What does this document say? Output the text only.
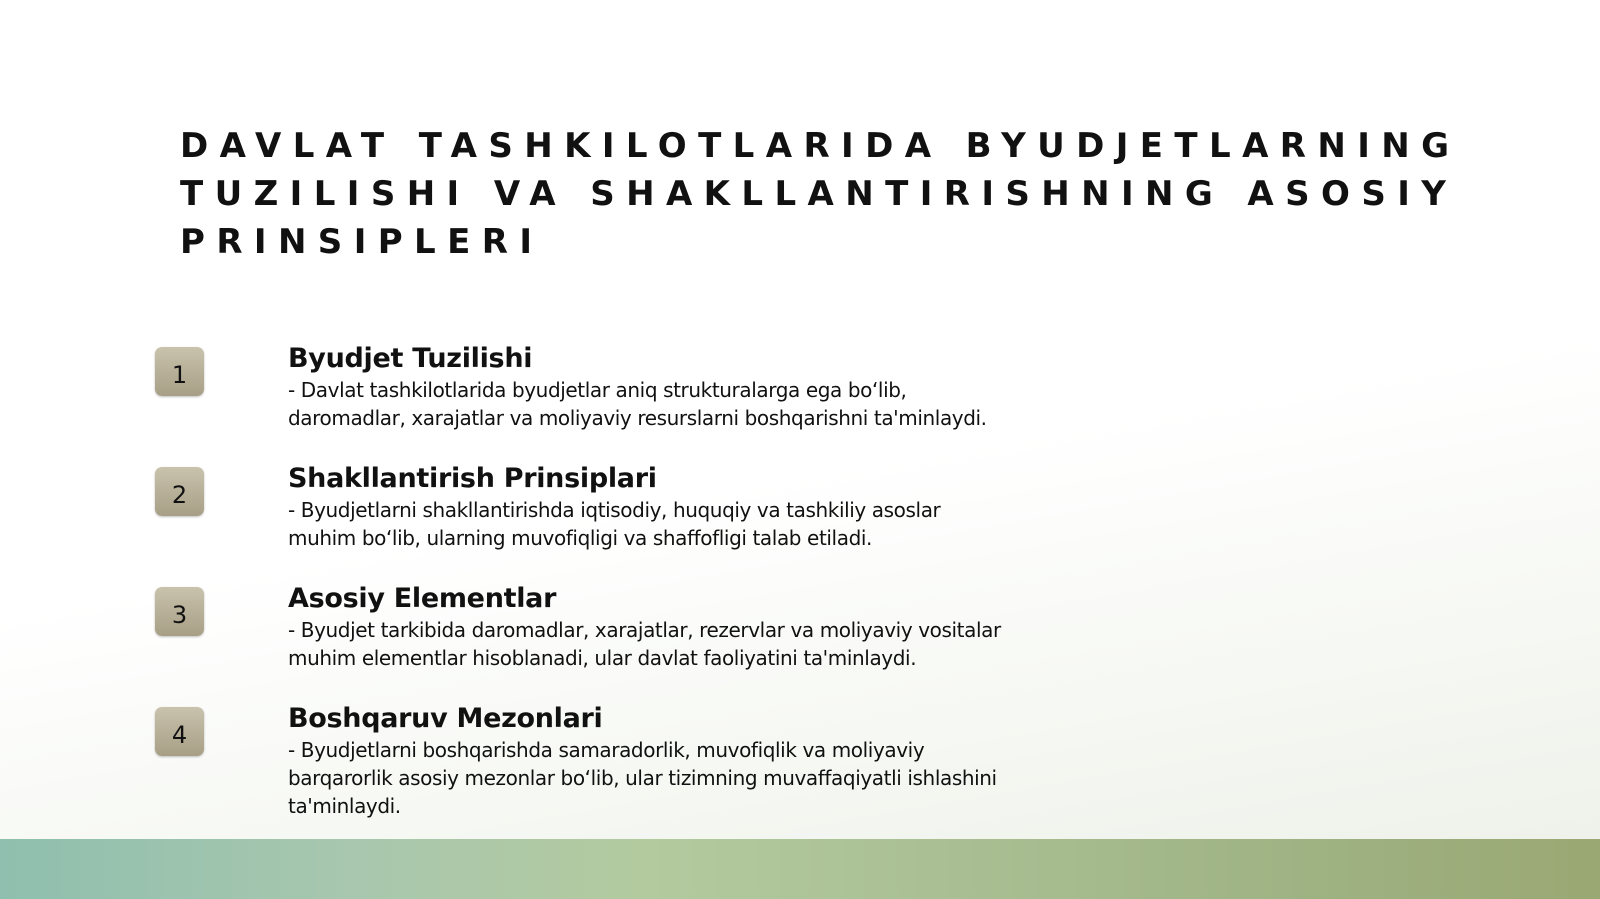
DAVLAT TASHKILOTLARIDA BYUDJETLARNING TUZILISHI VA SHAKLLANTIRISHNING ASOSIY PRINSIPLERI
1
Byudjet Tuzilishi
- Davlat tashkilotlarida byudjetlar aniq strukturalarga ega bo‘lib,
daromadlar, xarajatlar va moliyaviy resurslarni boshqarishni ta'minlaydi.
2
Shakllantirish Prinsiplari
- Byudjetlarni shakllantirishda iqtisodiy, huquqiy va tashkiliy asoslar
muhim bo‘lib, ularning muvofiqligi va shaffofligi talab etiladi.
3
Asosiy Elementlar
- Byudjet tarkibida daromadlar, xarajatlar, rezervlar va moliyaviy vositalar
muhim elementlar hisoblanadi, ular davlat faoliyatini ta'minlaydi.
4
Boshqaruv Mezonlari
- Byudjetlarni boshqarishda samaradorlik, muvofiqlik va moliyaviy
barqarorlik asosiy mezonlar bo‘lib, ular tizimning muvaffaqiyatli ishlashini
ta'minlaydi.
